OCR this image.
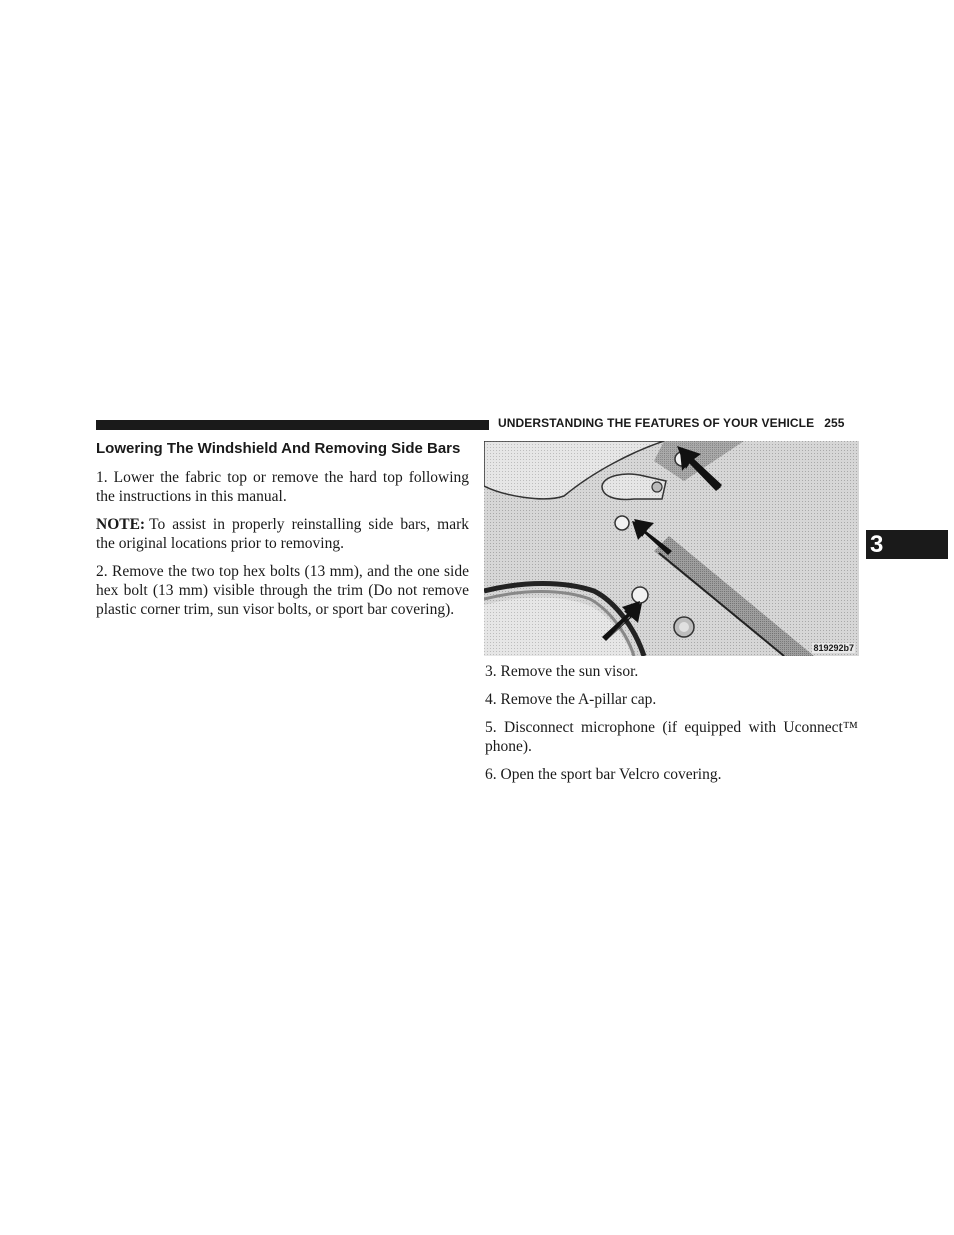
UNDERSTANDING THE FEATURES OF YOUR VEHICLE 255
3
Lowering The Windshield And Removing Side Bars

1. Lower the fabric top or remove the hard top following the instructions in this manual.

NOTE: To assist in properly reinstalling side bars, mark the original locations prior to removing.

2. Remove the two top hex bolts (13 mm), and the one side hex bolt (13 mm) visible through the trim (Do not remove plastic corner trim, sun visor bolts, or sport bar covering).

819292b7

3. Remove the sun visor.

4. Remove the A-pillar cap.

5. Disconnect microphone (if equipped with Uconnect™ phone).

6. Open the sport bar Velcro covering.
